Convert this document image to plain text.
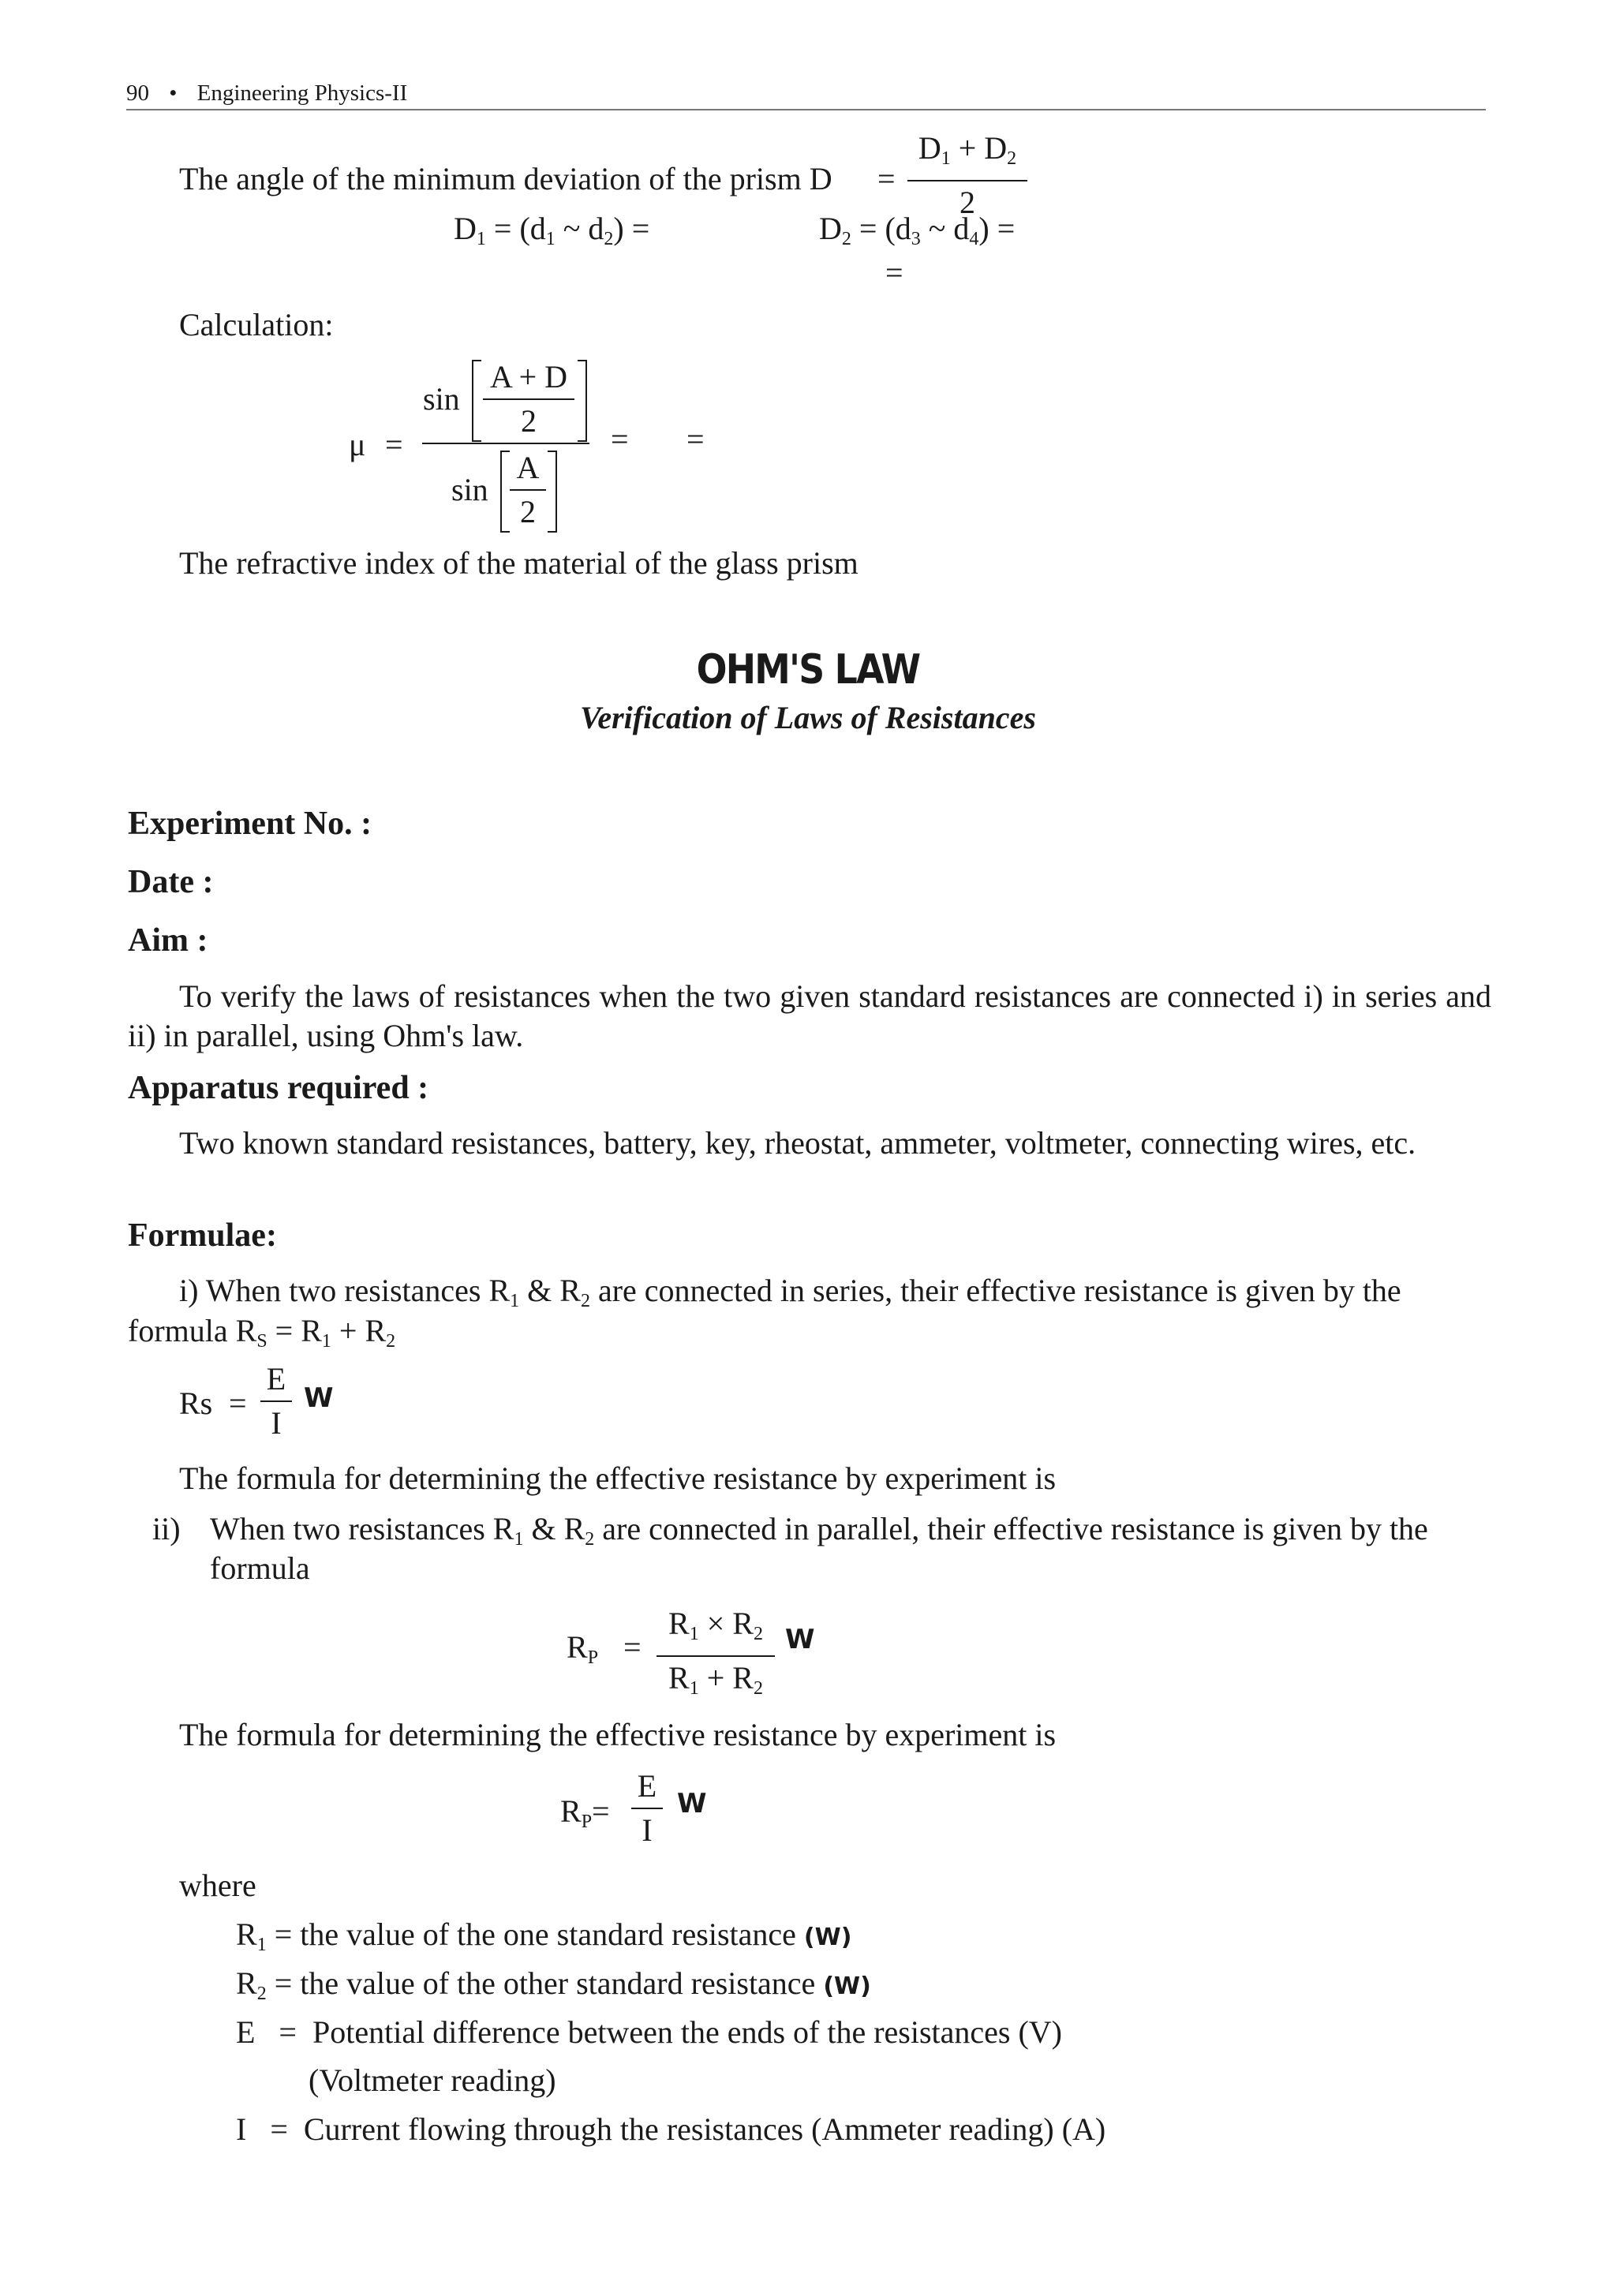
90 • Engineering Physics-II
The angle of the minimum deviation of the prism D =
$D_1 + D_2$
2
$D_1 = (d_1$ ~ $d_2$) =	$D_2 = (d_3$ ~ $d_4$) =
=
Calculation:
μ =
sin
A + D
2
sin
A
2
= =
The refractive index of the material of the glass prism
OHM'S LAW
Verification of Laws of Resistances
Experiment No. :
Date :
Aim :
To verify the laws of resistances when the two given standard resistances are connected i) in series and ii) in parallel, using Ohm's law.
Apparatus required :
Two known standard resistances, battery, key, rheostat, ammeter, voltmeter, connecting wires, etc.
Formulae:
i) When two resistances $R_1$ & $R_2$ are connected in series, their effective resistance is given by the
formula $R_S = R_1 + R_2$
Rs =
E
I
W
The formula for determining the effective resistance by experiment is
ii) When two resistances $R_1$ & $R_2$ are connected in parallel, their effective resistance is given by the
formula
$R_P$ =
$R_1 \times R_2$
$R_1 + R_2$
W
The formula for determining the effective resistance by experiment is
$R_P=$
E
I
W
where
$R_1$ = the value of the one standard resistance (W)
$R_2$ = the value of the other standard resistance (W)
E   =  Potential difference between the ends of the resistances (V)
(Voltmeter reading)
I   =  Current flowing through the resistances (Ammeter reading) (A)
